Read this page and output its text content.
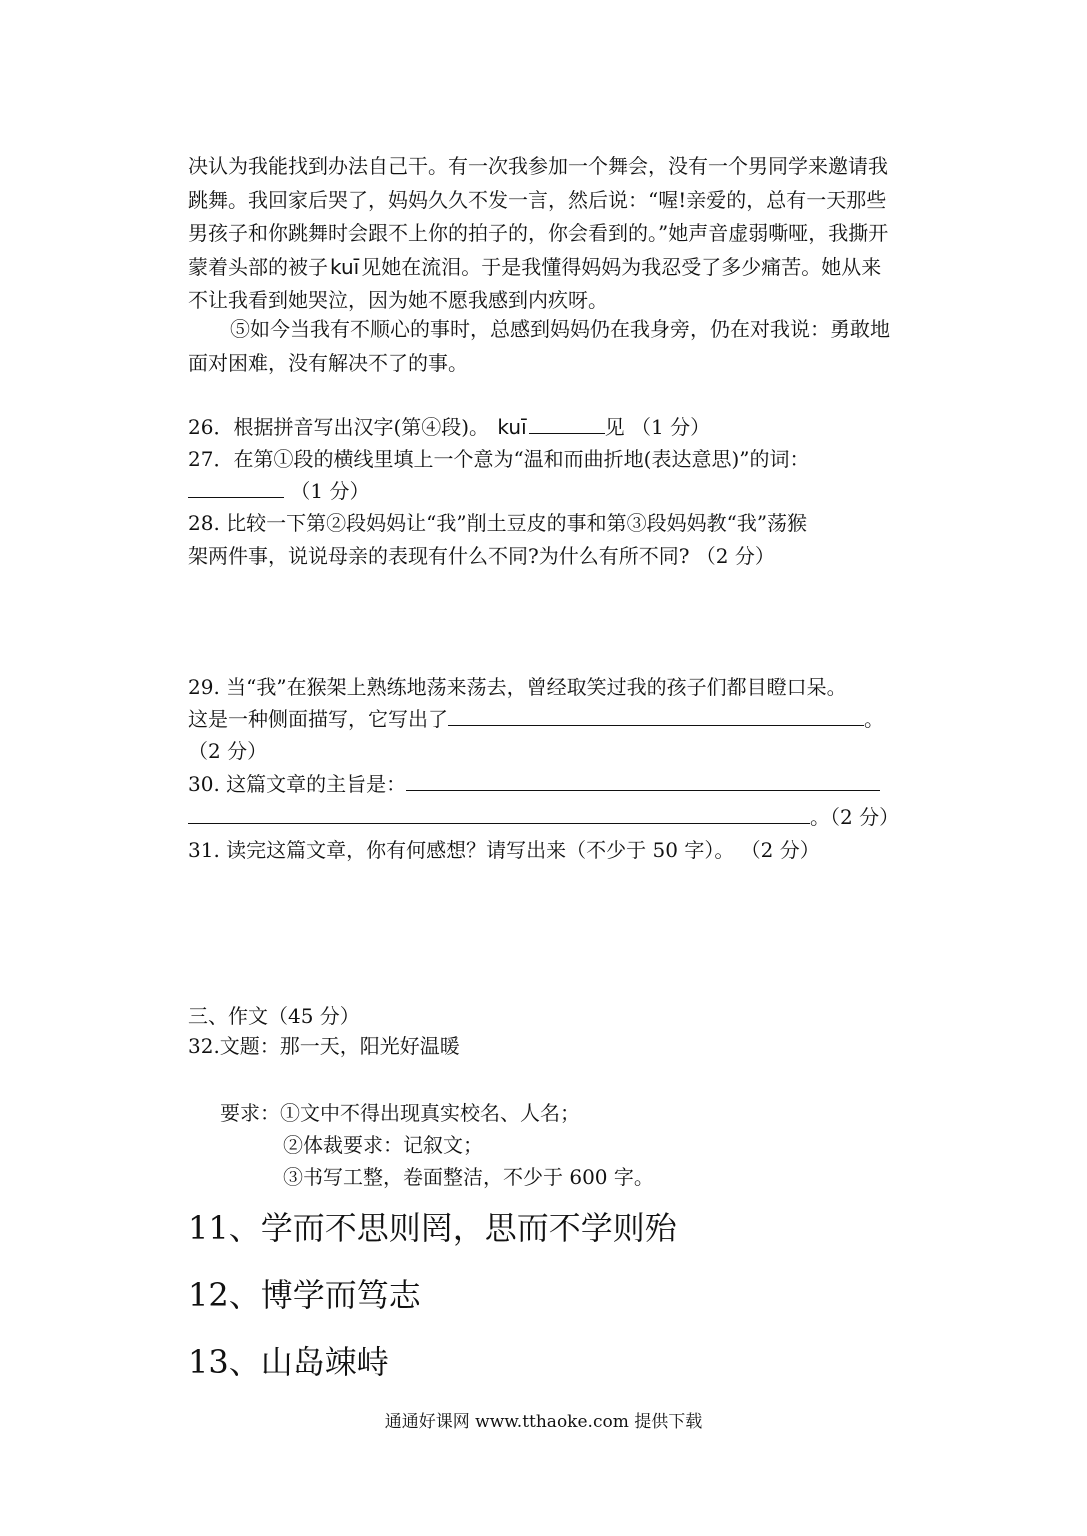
决认为我能找到办法自己干。有一次我参加一个舞会，没有一个男同学来邀请我跳舞。我回家后哭了，妈妈久久不发一言，然后说：“喔!亲爱的，总有一天那些男孩子和你跳舞时会跟不上你的拍子的，你会看到的。”她声音虚弱嘶哑，我撕开蒙着头部的被子 kuī 见她在流泪。于是我懂得妈妈为我忍受了多少痛苦。她从来不让我看到她哭泣，因为她不愿我感到内疚呀。
⑤如今当我有不顺心的事时，总感到妈妈仍在我身旁，仍在对我说：勇敢地面对困难，没有解决不了的事。
26．根据拼音写出汉字(第④段)。 kuī	见 （1 分）
27．在第①段的横线里填上一个意为“温和而曲折地(表达意思)”的词：
（1 分）
28. 比较一下第②段妈妈让“我”削土豆皮的事和第③段妈妈教“我”荡猴
架两件事，说说母亲的表现有什么不同?为什么有所不同? （2 分）
29. 当“我”在猴架上熟练地荡来荡去，曾经取笑过我的孩子们都目瞪口呆。
这是一种侧面描写，它写出了	。
（2 分）
30. 这篇文章的主旨是：
。（2 分）
31. 读完这篇文章，你有何感想？请写出来（不少于 50 字）。 （2 分）
三、作文（45 分）
32.文题：那一天，阳光好温暖
要求：①文中不得出现真实校名、人名；
②体裁要求：记叙文；
③书写工整，卷面整洁，不少于 600 字。
11、学而不思则罔，思而不学则殆
12、博学而笃志
13、山岛竦峙
通通好课网 www.tthaoke.com 提供下载
